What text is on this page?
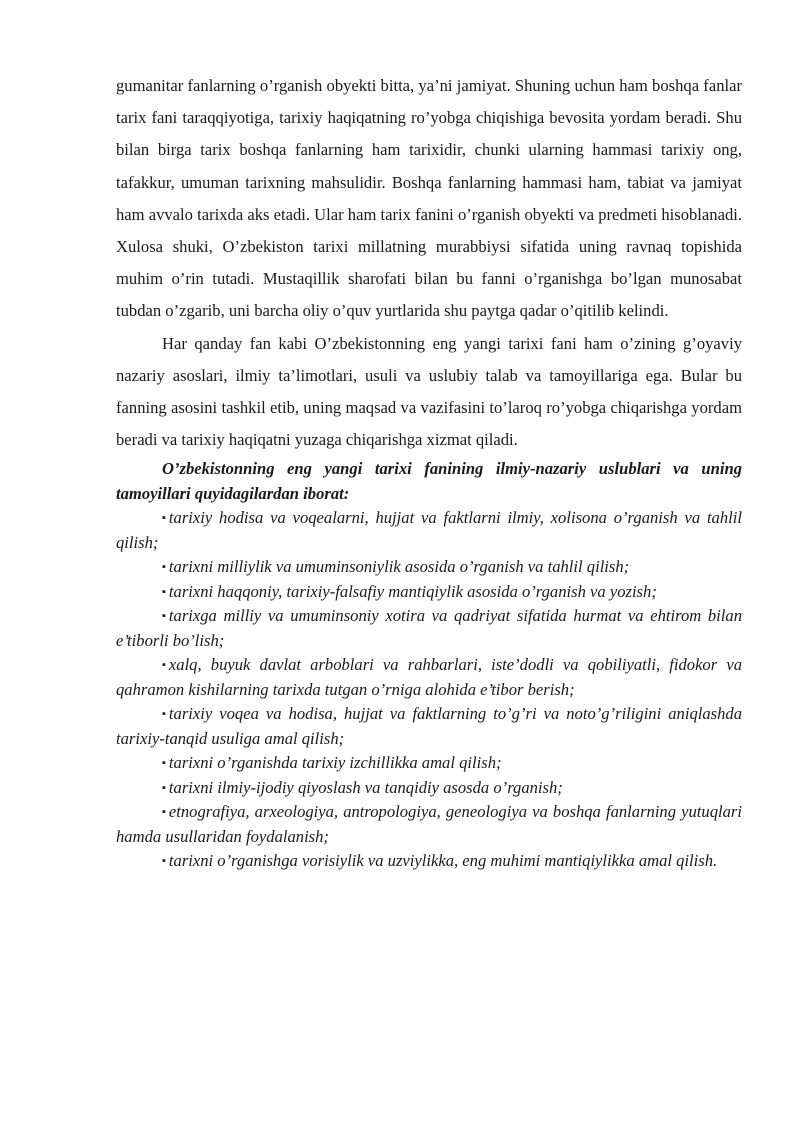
gumanitar fanlarning o’rganish obyekti bitta, ya’ni jamiyat. Shuning uchun ham boshqa fanlar tarix fani taraqqiyotiga, tarixiy haqiqatning ro’yobga chiqishiga bevosita yordam beradi. Shu bilan birga tarix boshqa fanlarning ham tarixidir, chunki ularning hammasi tarixiy ong, tafakkur, umuman tarixning mahsulidir. Boshqa fanlarning hammasi ham, tabiat va jamiyat ham avvalo tarixda aks etadi. Ular ham tarix fanini o’rganish obyekti va predmeti hisoblanadi. Xulosa shuki, O’zbekiston tarixi millatning murabbiysi sifatida uning ravnaq topishida muhim o’rin tutadi. Mustaqillik sharofati bilan bu fanni o’rganishga bo’lgan munosabat tubdan o’zgarib, uni barcha oliy o’quv yurtlarida shu paytga qadar o’qitilib kelindi.

Har qanday fan kabi O’zbekistonning eng yangi tarixi fani ham o’zining g’oyaviy nazariy asoslari, ilmiy ta’limotlari, usuli va uslubiy talab va tamoyillariga ega. Bular bu fanning asosini tashkil etib, uning maqsad va vazifasini to’laroq ro’yobga chiqarishga yordam beradi va tarixiy haqiqatni yuzaga chiqarishga xizmat qiladi.

O’zbekistonning eng yangi tarixi fanining ilmiy-nazariy uslublari va uning tamoyillari quyidagilardan iborat:

▪ tarixiy hodisa va voqealarni, hujjat va faktlarni ilmiy, xolisona o’rganish va tahlil qilish;

▪ tarixni milliylik va umuminsoniylik asosida o’rganish va tahlil qilish;

▪ tarixni haqqoniy, tarixiy-falsafiy mantiqiylik asosida o’rganish va yozish;

▪ tarixga milliy va umuminsoniy xotira va qadriyat sifatida hurmat va ehtirom bilan e’tiborli bo’lish;

▪ xalq, buyuk davlat arboblari va rahbarlari, iste’dodli va qobiliyatli, fidokor va qahramon kishilarning tarixda tutgan o’rniga alohida e’tibor berish;

▪ tarixiy voqea va hodisa, hujjat va faktlarning to’g’ri va noto’g’riligini aniqlashda tarixiy-tanqid usuliga amal qilish;

▪ tarixni o’rganishda tarixiy izchillikka amal qilish;

▪ tarixni ilmiy-ijodiy qiyoslash va tanqidiy asosda o’rganish;

▪ etnografiya, arxeologiya, antropologiya, geneologiya va boshqa fanlarning yutuqlari hamda usullaridan foydalanish;

▪ tarixni o’rganishga vorisiylik va uzviylikka, eng muhimi mantiqiylikka amal qilish.
